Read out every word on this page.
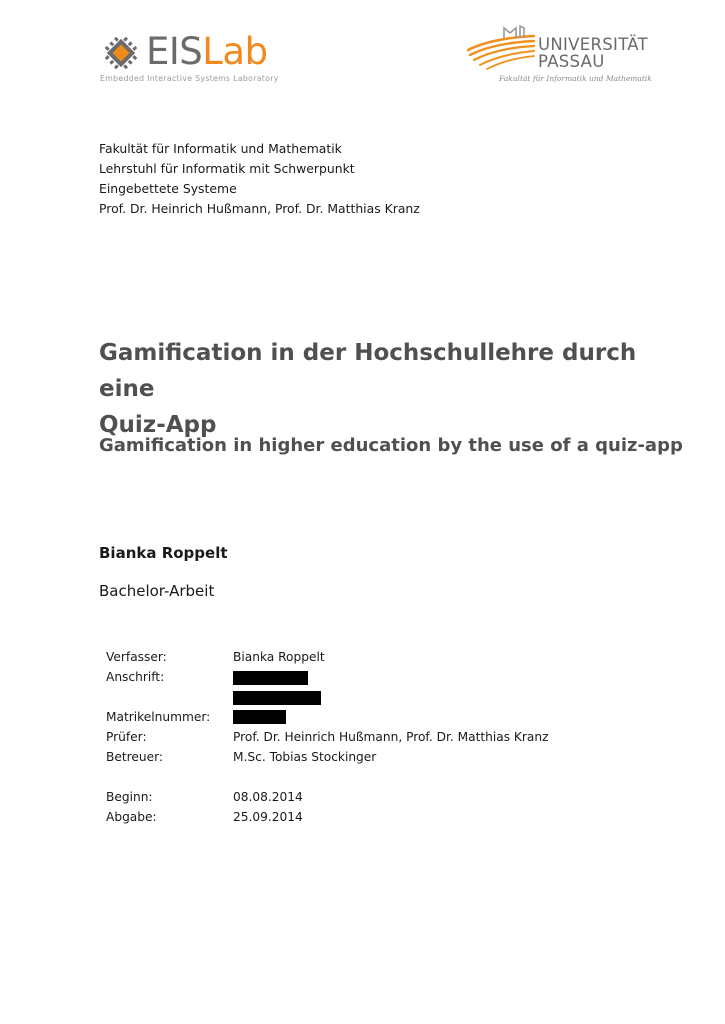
EISLab
Embedded Interactive Systems Laboratory
UNIVERSITÄT
PASSAU
Fakultät für Informatik und Mathematik
Fakultät für Informatik und Mathematik
Lehrstuhl für Informatik mit Schwerpunkt
Eingebettete Systeme
Prof. Dr. Heinrich Hußmann, Prof. Dr. Matthias Kranz
Gamification in der Hochschullehre durch eine
Quiz-App
Gamification in higher education by the use of a quiz-app
Bianka Roppelt
Bachelor-Arbeit
Verfasser:	Bianka Roppelt
Anschrift:
Matrikelnummer:
Prüfer:	Prof. Dr. Heinrich Hußmann, Prof. Dr. Matthias Kranz
Betreuer:	M.Sc. Tobias Stockinger
Beginn:	08.08.2014
Abgabe:	25.09.2014
